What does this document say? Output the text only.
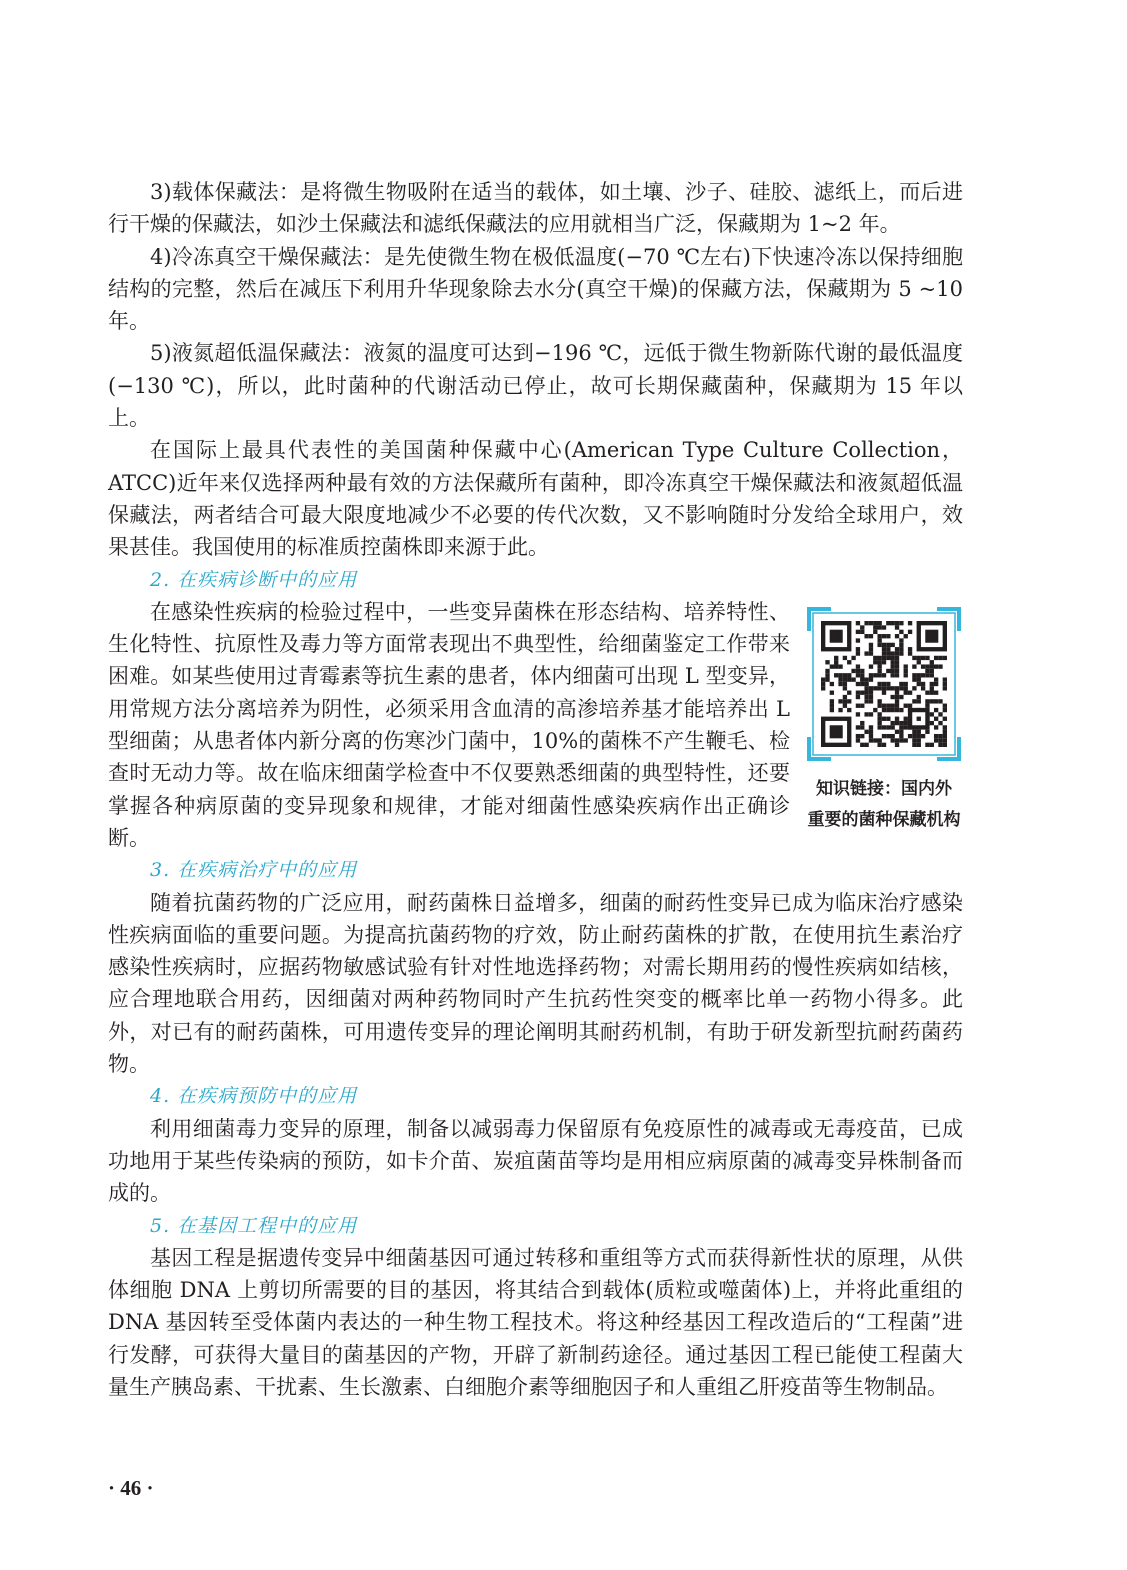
3)载体保藏法：是将微生物吸附在适当的载体，如土壤、沙子、硅胶、滤纸上，而后进行干燥的保藏法，如沙土保藏法和滤纸保藏法的应用就相当广泛，保藏期为 1~2 年。

4)冷冻真空干燥保藏法：是先使微生物在极低温度(−70 ℃左右)下快速冷冻以保持细胞结构的完整，然后在减压下利用升华现象除去水分(真空干燥)的保藏方法，保藏期为 5 ~10 年。

5)液氮超低温保藏法：液氮的温度可达到−196 ℃，远低于微生物新陈代谢的最低温度(−130 ℃)，所以，此时菌种的代谢活动已停止，故可长期保藏菌种，保藏期为 15 年以上。

在国际上最具代表性的美国菌种保藏中心(American Type Culture Collection，ATCC)近年来仅选择两种最有效的方法保藏所有菌种，即冷冻真空干燥保藏法和液氮超低温保藏法，两者结合可最大限度地减少不必要的传代次数，又不影响随时分发给全球用户，效果甚佳。我国使用的标准质控菌株即来源于此。

2. 在疾病诊断中的应用

在感染性疾病的检验过程中，一些变异菌株在形态结构、培养特性、生化特性、抗原性及毒力等方面常表现出不典型性，给细菌鉴定工作带来困难。如某些使用过青霉素等抗生素的患者，体内细菌可出现 L 型变异，用常规方法分离培养为阴性，必须采用含血清的高渗培养基才能培养出 L 型细菌；从患者体内新分离的伤寒沙门菌中，10%的菌株不产生鞭毛、检查时无动力等。故在临床细菌学检查中不仅要熟悉细菌的典型特性，还要掌握各种病原菌的变异现象和规律，才能对细菌性感染疾病作出正确诊断。

3. 在疾病治疗中的应用

随着抗菌药物的广泛应用，耐药菌株日益增多，细菌的耐药性变异已成为临床治疗感染性疾病面临的重要问题。为提高抗菌药物的疗效，防止耐药菌株的扩散，在使用抗生素治疗感染性疾病时，应据药物敏感试验有针对性地选择药物；对需长期用药的慢性疾病如结核，应合理地联合用药，因细菌对两种药物同时产生抗药性突变的概率比单一药物小得多。此外，对已有的耐药菌株，可用遗传变异的理论阐明其耐药机制，有助于研发新型抗耐药菌药物。

4. 在疾病预防中的应用

利用细菌毒力变异的原理，制备以减弱毒力保留原有免疫原性的减毒或无毒疫苗，已成功地用于某些传染病的预防，如卡介苗、炭疽菌苗等均是用相应病原菌的减毒变异株制备而成的。

5. 在基因工程中的应用

基因工程是据遗传变异中细菌基因可通过转移和重组等方式而获得新性状的原理，从供体细胞 DNA 上剪切所需要的目的基因，将其结合到载体(质粒或噬菌体)上，并将此重组的 DNA 基因转至受体菌内表达的一种生物工程技术。将这种经基因工程改造后的“工程菌”进行发酵，可获得大量目的菌基因的产物，开辟了新制药途径。通过基因工程已能使工程菌大量生产胰岛素、干扰素、生长激素、白细胞介素等细胞因子和人重组乙肝疫苗等生物制品。

知识链接：国内外
重要的菌种保藏机构
· 46 ·
